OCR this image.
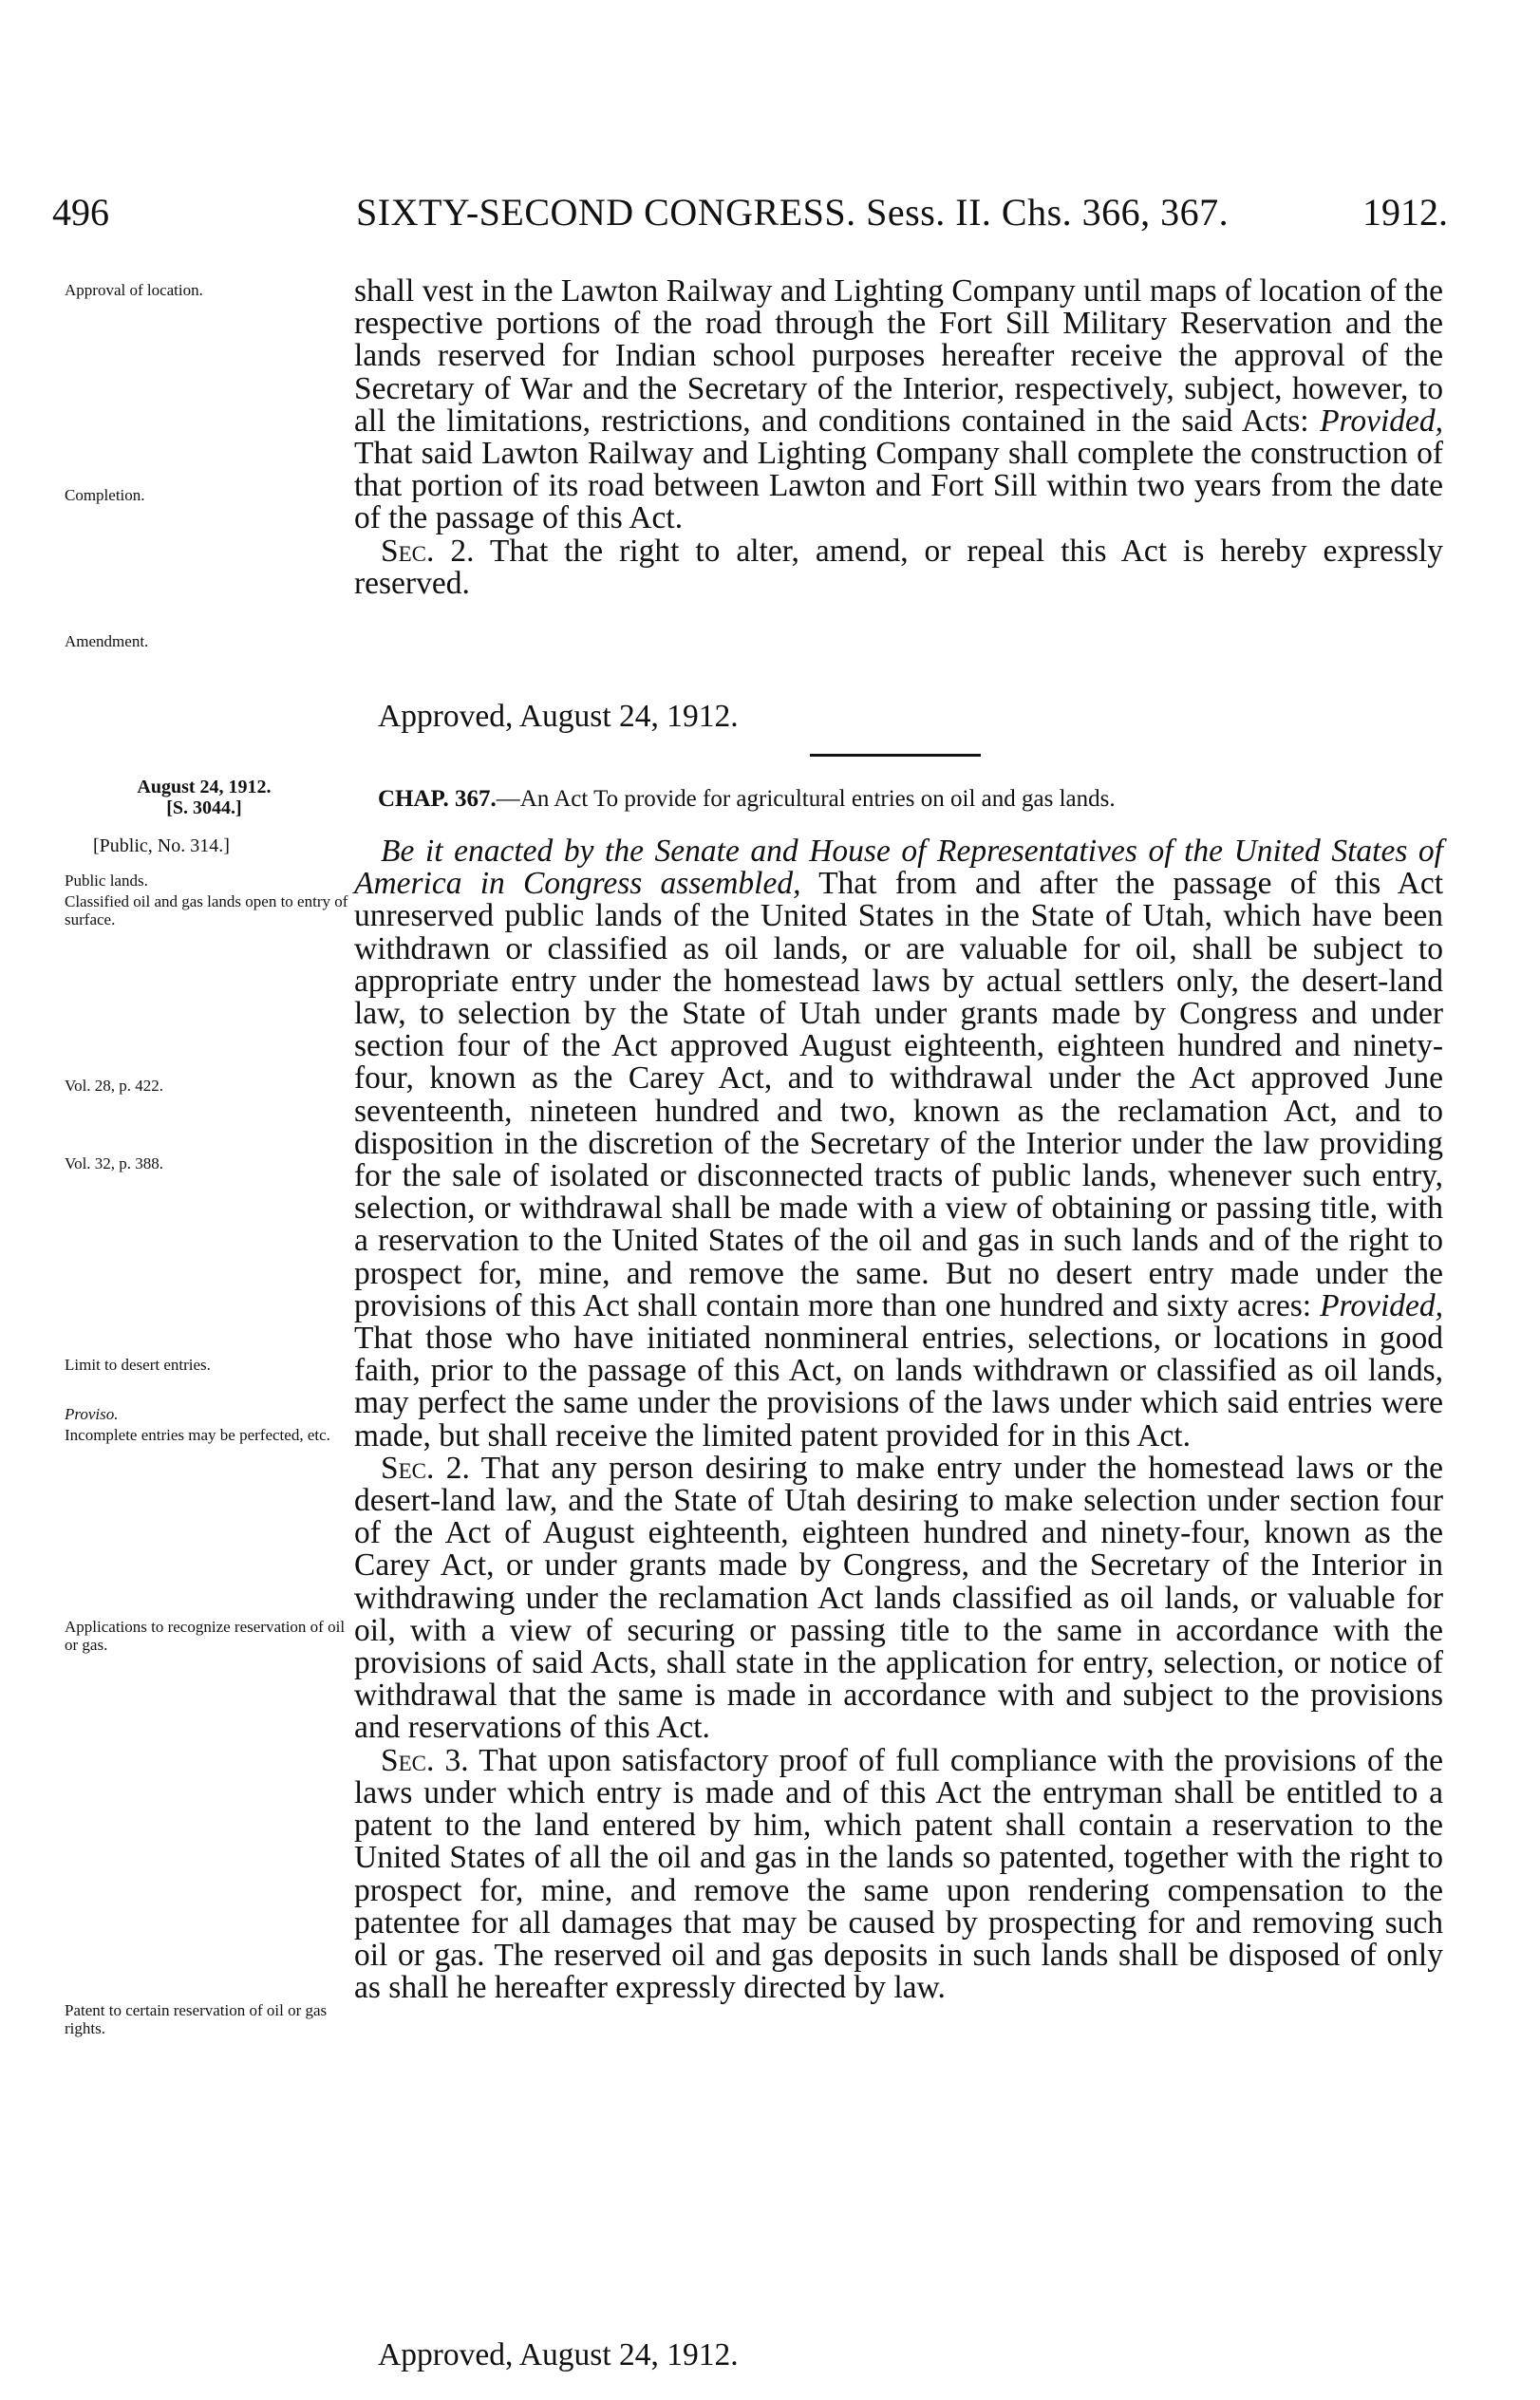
496	SIXTY-SECOND CONGRESS. Sess. II. Chs. 366, 367.	1912.
Approval of location.
Completion.
Amendment.

shall vest in the Lawton Railway and Lighting Company until maps of location of the respective portions of the road through the Fort Sill Military Reservation and the lands reserved for Indian school purposes hereafter receive the approval of the Secretary of War and the Secretary of the Interior, respectively, subject, however, to all the limitations, restrictions, and conditions contained in the said Acts: Provided, That said Lawton Railway and Lighting Company shall complete the construction of that portion of its road between Lawton and Fort Sill within two years from the date of the passage of this Act.

Sec. 2. That the right to alter, amend, or repeal this Act is hereby expressly reserved.

Approved, August 24, 1912.
August 24, 1912.
[S. 3044.]
[Public, No. 314.]
CHAP. 367.—An Act To provide for agricultural entries on oil and gas lands.
Public lands.
Classified oil and gas lands open to entry of surface.
Vol. 28, p. 422.
Vol. 32, p. 388.
Limit to desert entries.
Proviso.
Incomplete entries may be perfected, etc.
Applications to recognize reservation of oil or gas.
Patent to certain reservation of oil or gas rights.

Be it enacted by the Senate and House of Representatives of the United States of America in Congress assembled, That from and after the passage of this Act unreserved public lands of the United States in the State of Utah, which have been withdrawn or classified as oil lands, or are valuable for oil, shall be subject to appropriate entry under the homestead laws by actual settlers only, the desert-land law, to selection by the State of Utah under grants made by Congress and under section four of the Act approved August eighteenth, eighteen hundred and ninety-four, known as the Carey Act, and to withdrawal under the Act approved June seventeenth, nineteen hundred and two, known as the reclamation Act, and to disposition in the discretion of the Secretary of the Interior under the law providing for the sale of isolated or disconnected tracts of public lands, whenever such entry, selection, or withdrawal shall be made with a view of obtaining or passing title, with a reservation to the United States of the oil and gas in such lands and of the right to prospect for, mine, and remove the same. But no desert entry made under the provisions of this Act shall contain more than one hundred and sixty acres: Provided, That those who have initiated nonmineral entries, selections, or locations in good faith, prior to the passage of this Act, on lands withdrawn or classified as oil lands, may perfect the same under the provisions of the laws under which said entries were made, but shall receive the limited patent provided for in this Act.

Sec. 2. That any person desiring to make entry under the homestead laws or the desert-land law, and the State of Utah desiring to make selection under section four of the Act of August eighteenth, eighteen hundred and ninety-four, known as the Carey Act, or under grants made by Congress, and the Secretary of the Interior in withdrawing under the reclamation Act lands classified as oil lands, or valuable for oil, with a view of securing or passing title to the same in accordance with the provisions of said Acts, shall state in the application for entry, selection, or notice of withdrawal that the same is made in accordance with and subject to the provisions and reservations of this Act.

Sec. 3. That upon satisfactory proof of full compliance with the provisions of the laws under which entry is made and of this Act the entryman shall be entitled to a patent to the land entered by him, which patent shall contain a reservation to the United States of all the oil and gas in the lands so patented, together with the right to prospect for, mine, and remove the same upon rendering compensation to the patentee for all damages that may be caused by prospecting for and removing such oil or gas. The reserved oil and gas deposits in such lands shall be disposed of only as shall he hereafter expressly directed by law.

Approved, August 24, 1912.
